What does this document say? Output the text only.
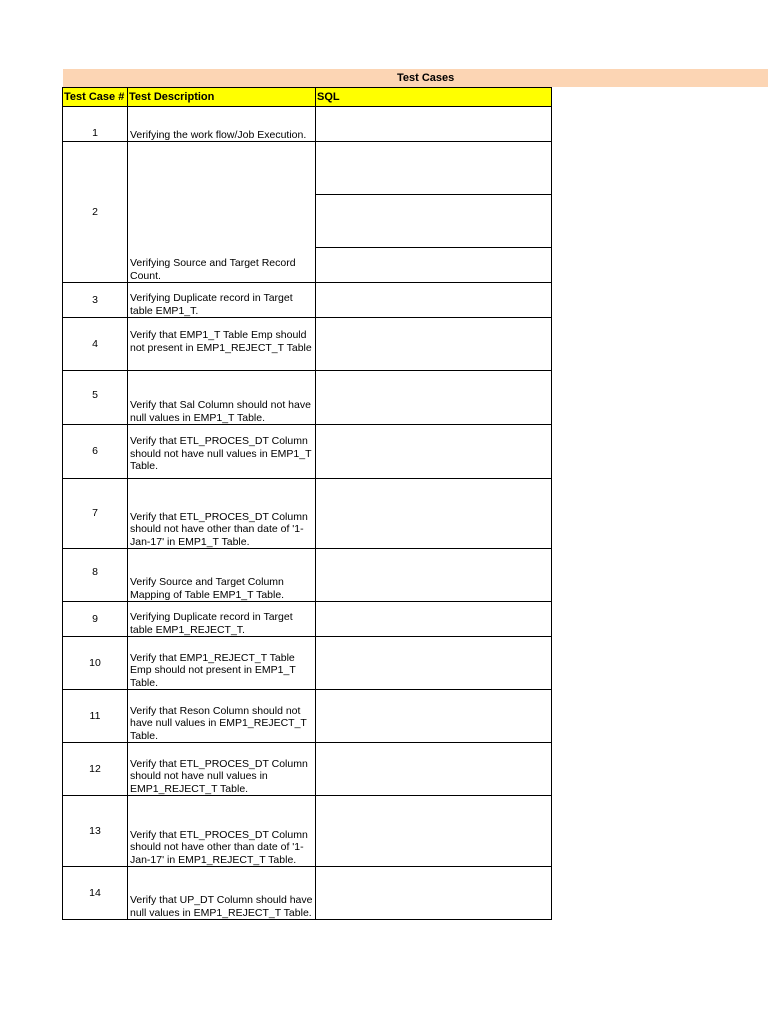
Test Cases
Test Case #	Test Description	SQL
1	Verifying the work flow/Job Execution.	
2	Verifying Source and Target Record Count.	

3	Verifying Duplicate record in Target table EMP1_T.	
4	Verify that EMP1_T Table Emp should not present in EMP1_REJECT_T Table	
5	Verify that Sal Column should not have null values in EMP1_T Table.	
6	Verify that ETL_PROCES_DT Column should not have null values in EMP1_T Table.	
7	Verify that ETL_PROCES_DT Column should not have other than date of '1-Jan-17' in EMP1_T Table.	
8	Verify Source and Target Column Mapping of Table EMP1_T Table.	
9	Verifying Duplicate record in Target table EMP1_REJECT_T.	
10	Verify that EMP1_REJECT_T Table Emp should not present in EMP1_T Table.	
11	Verify that Reson Column should not have null values in EMP1_REJECT_T Table.	
12	Verify that ETL_PROCES_DT Column should not have null values in EMP1_REJECT_T Table.	
13	Verify that ETL_PROCES_DT Column should not have other than date of '1-Jan-17' in EMP1_REJECT_T Table.	
14	Verify that UP_DT Column should have null values in EMP1_REJECT_T Table.	
